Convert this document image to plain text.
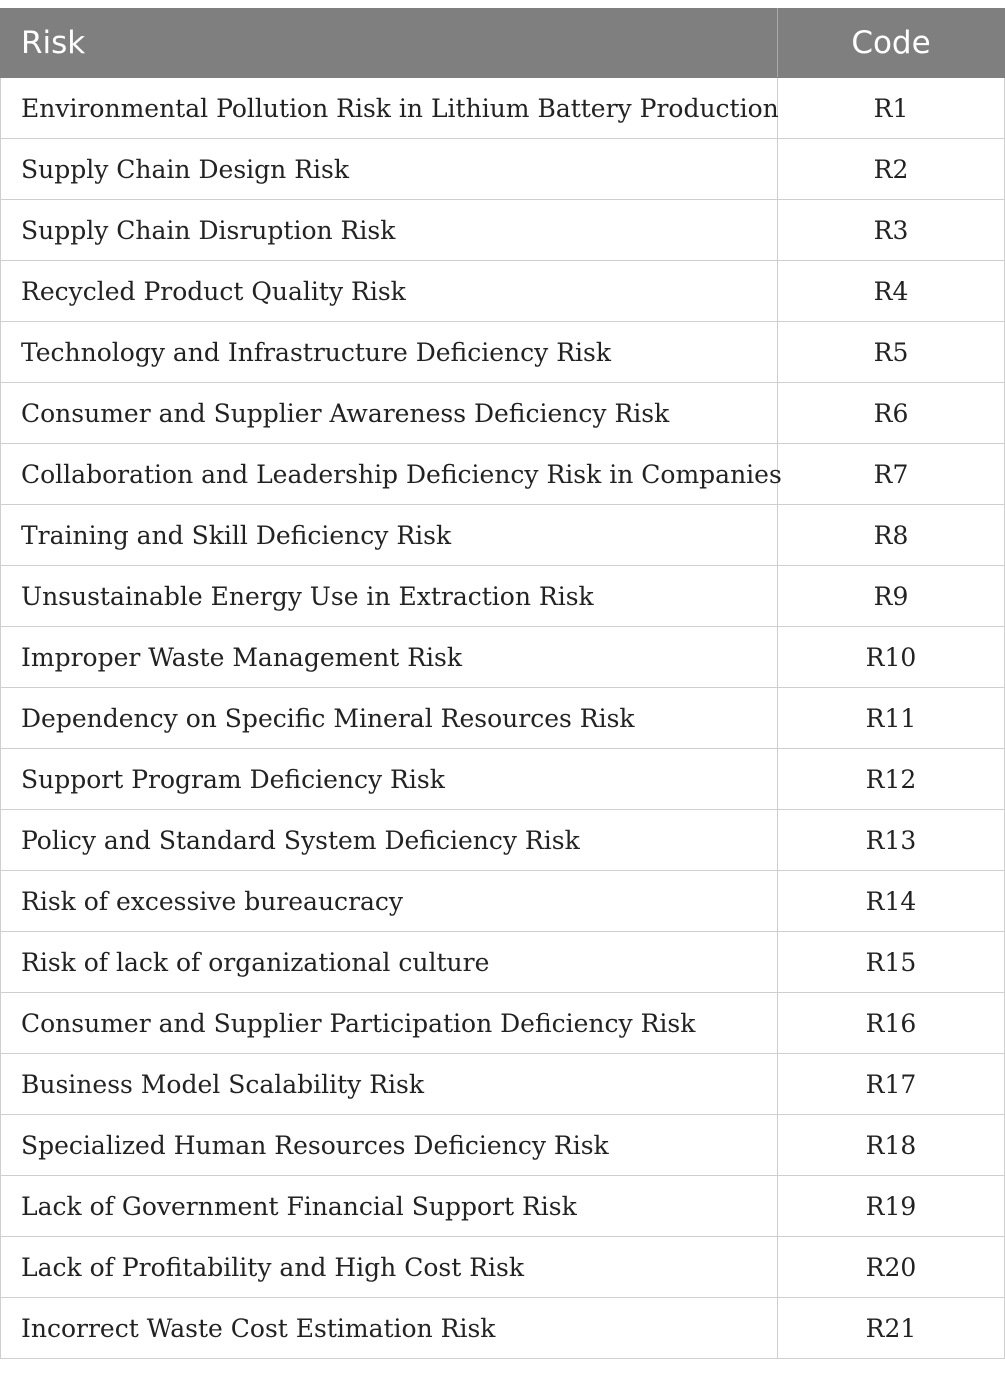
Risk	Code
Environmental Pollution Risk in Lithium Battery Production	R1
Supply Chain Design Risk	R2
Supply Chain Disruption Risk	R3
Recycled Product Quality Risk	R4
Technology and Infrastructure Deficiency Risk	R5
Consumer and Supplier Awareness Deficiency Risk	R6
Collaboration and Leadership Deficiency Risk in Companies	R7
Training and Skill Deficiency Risk	R8
Unsustainable Energy Use in Extraction Risk	R9
Improper Waste Management Risk	R10
Dependency on Specific Mineral Resources Risk	R11
Support Program Deficiency Risk	R12
Policy and Standard System Deficiency Risk	R13
Risk of excessive bureaucracy	R14
Risk of lack of organizational culture	R15
Consumer and Supplier Participation Deficiency Risk	R16
Business Model Scalability Risk	R17
Specialized Human Resources Deficiency Risk	R18
Lack of Government Financial Support Risk	R19
Lack of Profitability and High Cost Risk	R20
Incorrect Waste Cost Estimation Risk	R21
